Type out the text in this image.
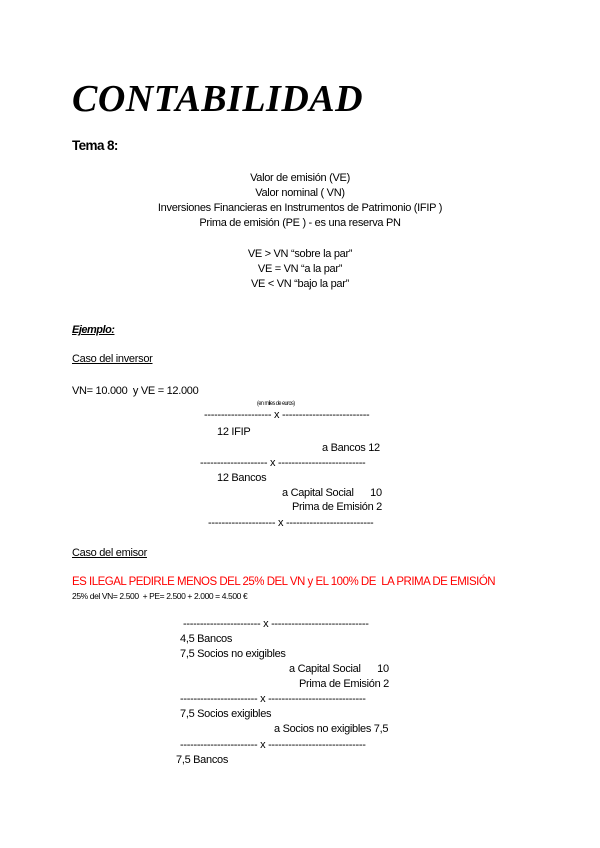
CONTABILIDAD
Tema 8:
Valor de emisión (VE)
Valor nominal ( VN)
Inversiones Financieras en Instrumentos de Patrimonio (IFIP )
Prima de emisión (PE ) - es una reserva PN
VE > VN “sobre la par”
VE = VN “a la par”
VE < VN “bajo la par”
Ejemplo:
Caso del inversor
VN= 10.000  y VE = 12.000
(en miles de euros)
-------------------- x --------------------------
12 IFIP
a Bancos 12
-------------------- x --------------------------
12 Bancos
a Capital Social      10
Prima de Emisión 2
-------------------- x --------------------------
Caso del emisor
ES ILEGAL PEDIRLE MENOS DEL 25% DEL VN y EL 100% DE  LA PRIMA DE EMISIÓN
25% del VN= 2.500  + PE= 2.500 + 2.000 = 4.500 €
----------------------- x -----------------------------
4,5 Bancos
7,5 Socios no exigibles
a Capital Social      10
Prima de Emisión 2
----------------------- x -----------------------------
7,5 Socios exigibles
a Socios no exigibles 7,5
----------------------- x -----------------------------
7,5 Bancos
